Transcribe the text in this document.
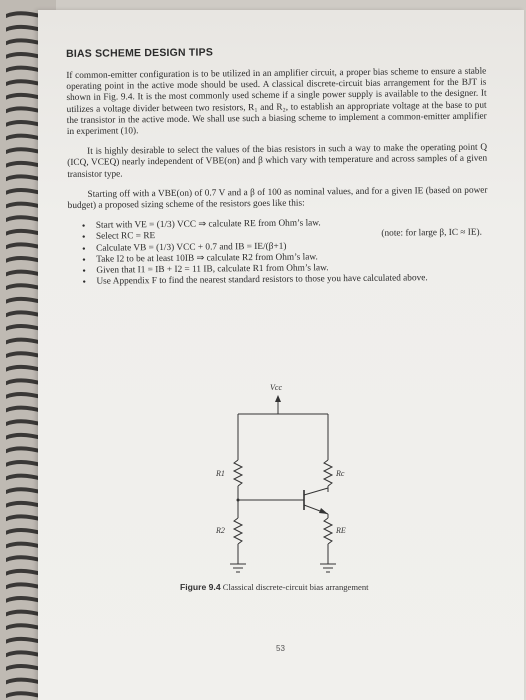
BIAS SCHEME DESIGN TIPS

If common-emitter configuration is to be utilized in an amplifier circuit, a proper bias scheme to ensure a stable operating point in the active mode should be used. A classical discrete-circuit bias arrangement for the BJT is shown in Fig. 9.4. It is the most commonly used scheme if a single power supply is available to the designer. It utilizes a voltage divider between two resistors, R₁ and R₂, to establish an appropriate voltage at the base to put the transistor in the active mode. We shall use such a biasing scheme to implement a common-emitter amplifier in experiment (10).

It is highly desirable to select the values of the bias resistors in such a way to make the operating point Q (ICQ, VCEQ) nearly independent of VBE(on) and β which vary with temperature and across samples of a given transistor type.

Starting off with a VBE(on) of 0.7 V and a β of 100 as nominal values, and for a given IE (based on power budget) a proposed sizing scheme of the resistors goes like this:

• Start with VE = (1/3) VCC ⇒ calculate RE from Ohm’s law.
• Select RC = RE	(note: for large β, IC ≈ IE).
• Calculate VB = (1/3) VCC + 0.7 and IB = IE/(β+1)
• Take I2 to be at least 10IB ⇒ calculate R2 from Ohm’s law.
• Given that I1 = IB + I2 = 11 IB, calculate R1 from Ohm’s law.
• Use Appendix F to find the nearest standard resistors to those you have calculated above.
Vcc
R1
R2
Rc
RE
Figure 9.4 Classical discrete-circuit bias arrangement
53
